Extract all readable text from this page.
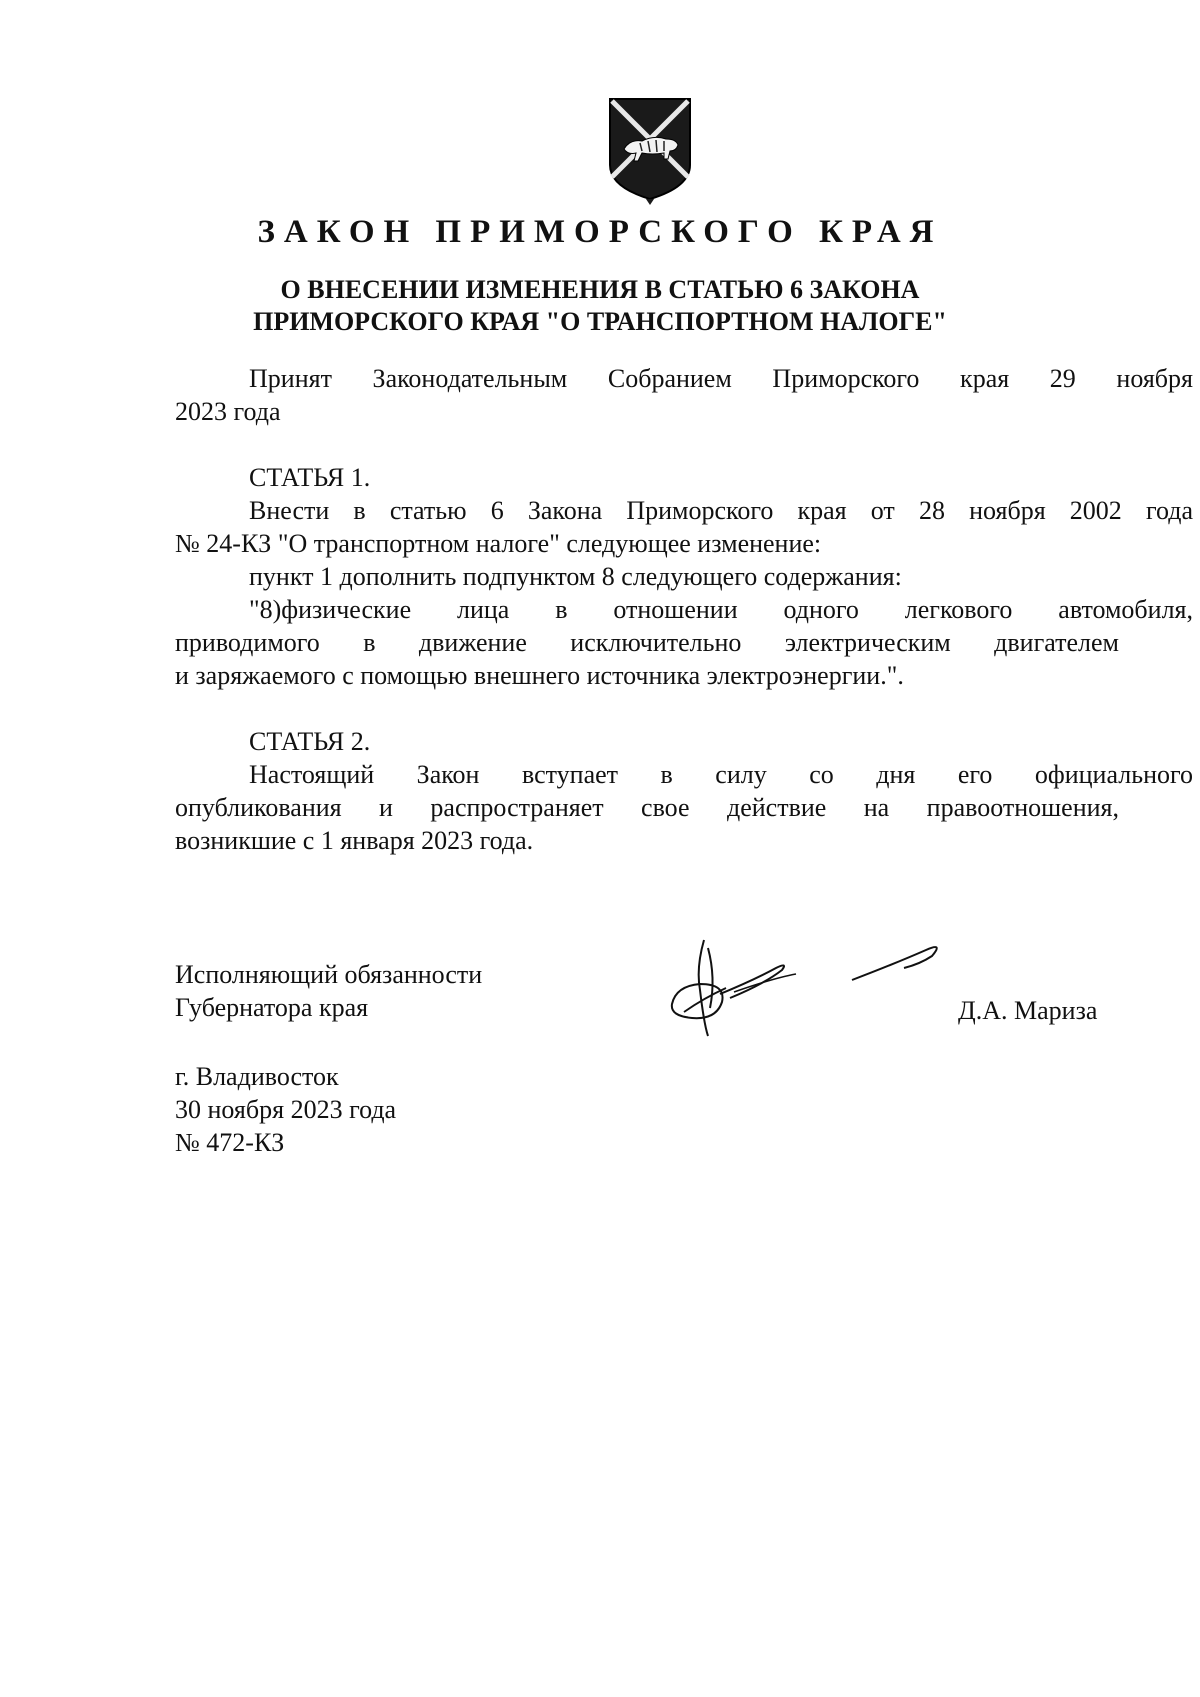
ЗАКОН ПРИМОРСКОГО КРАЯ
О ВНЕСЕНИИ ИЗМЕНЕНИЯ В СТАТЬЮ 6 ЗАКОНА
ПРИМОРСКОГО КРАЯ "О ТРАНСПОРТНОМ НАЛОГЕ"

Принят Законодательным Собранием Приморского края 29 ноября

2023 года

СТАТЬЯ 1.

Внести в статью 6 Закона Приморского края от 28 ноября 2002 года

№ 24-КЗ "О транспортном налоге" следующее изменение:

пункт 1 дополнить подпунктом 8 следующего содержания:

"8)физические лица в отношении одного легкового автомобиля,

приводимого в движение исключительно электрическим двигателем

и заряжаемого с помощью внешнего источника электроэнергии.".

СТАТЬЯ 2.

Настоящий Закон вступает в силу со дня его официального

опубликования и распространяет свое действие на правоотношения,

возникшие с 1 января 2023 года.

Исполняющий обязанности
Губернатора края	Д.А. Мариза
г. Владивосток
30 ноября 2023 года
№ 472-КЗ
